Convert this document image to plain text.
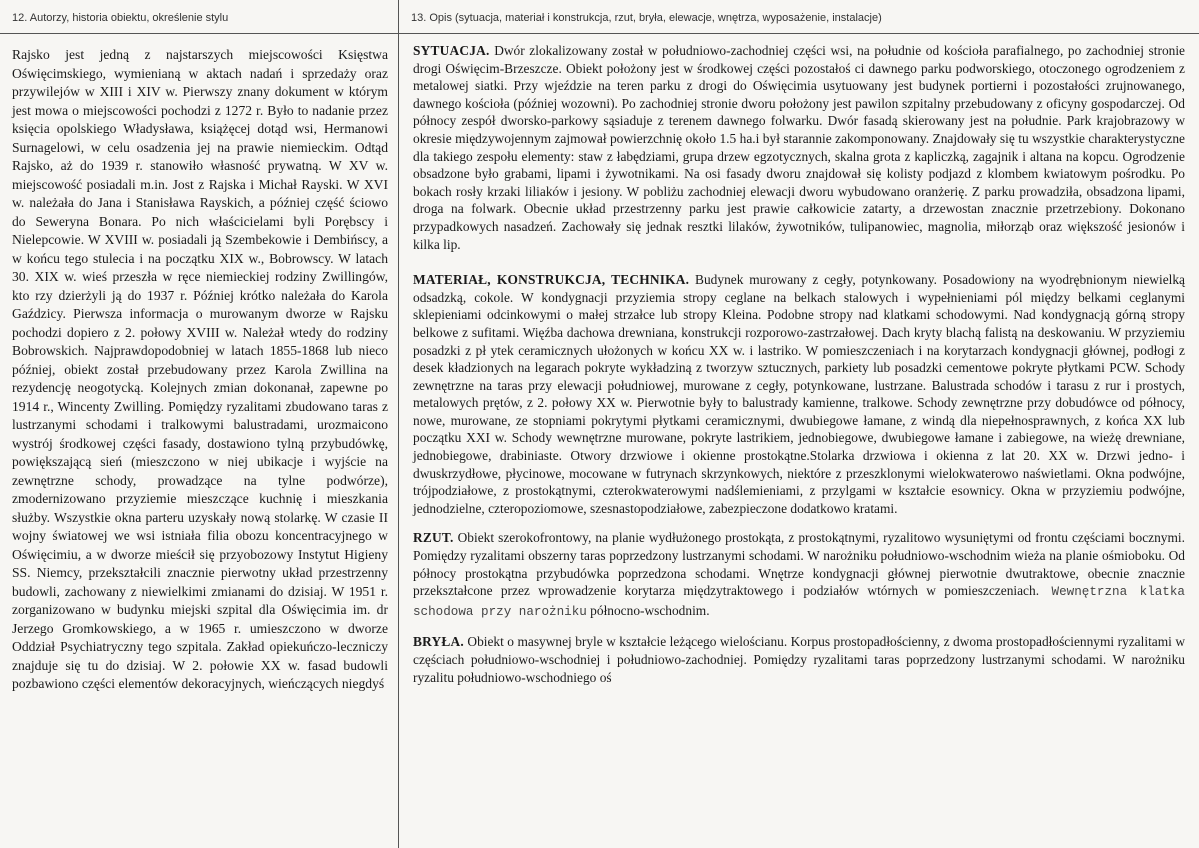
12. Autorzy, historia obiektu, określenie stylu
Rajsko jest jedną z najstarszych miejscowości Księstwa Oświęcimskiego, wymienianą w aktach nadań i sprzedaży oraz przywilejów w XIII i XIV w. Pierwszy znany dokument w którym jest mowa o miejscowości pochodzi z 1272 r. Było to nadanie przez księcia opolskiego Władysława, książęcej dotąd wsi, Hermanowi Surnagelowi, w celu osadzenia jej na prawie niemieckim. Odtąd Rajsko, aż do 1939 r. stanowiło własność prywatną. W XV w. miejscowość posiadali m.in. Jost z Rajska i Michał Rayski. W XVI w. należała do Jana i Stanisława Rayskich, a później część ściowo do Seweryna Bonara. Po nich właścicielami byli Porębscy i Nielepcowie. W XVIII w. posiadali ją Szembekowie i Dembińscy, a w końcu tego stulecia i na początku XIX w., Bobrowscy. W latach 30. XIX w. wieś przeszła w ręce niemieckiej rodziny Zwillingów, kto rzy dzierżyli ją do 1937 r. Później krótko należała do Karola Gaździcy. Pierwsza informacja o murowanym dworze w Rajsku pochodzi dopiero z 2. połowy XVIII w. Należał wtedy do rodziny Bobrowskich. Najprawdopodobniej w latach 1855-1868 lub nieco później, obiekt został przebudowany przez Karola Zwillina na rezydencję neogotycką. Kolejnych zmian dokonanał, zapewne po 1914 r., Wincenty Zwilling. Pomiędzy ryzalitami zbudowano taras z lustrzanymi schodami i tralkowymi balustradami, urozmaicono wystrój środkowej części fasady, dostawiono tylną przybudówkę, powiększającą sień (mieszczono w niej ubikacje i wyjście na zewnętrzne schody, prowadzące na tylne podwórze), zmodernizowano przyziemie mieszczące kuchnię i mieszkania służby. Wszystkie okna parteru uzyskały nową stolarkę. W czasie II wojny światowej we wsi istniała filia obozu koncentracyjnego w Oświęcimiu, a w dworze mieścił się przyobozowy Instytut Higieny SS. Niemcy, przekształcili znacznie pierwotny układ przestrzenny budowli, zachowany z niewielkimi zmianami do dzisiaj. W 1951 r. zorganizowano w budynku miejski szpital dla Oświęcimia im. dr Jerzego Gromkowskiego, a w 1965 r. umieszczono w dworze Oddział Psychiatryczny tego szpitala. Zakład opiekuńczo-leczniczy znajduje się tu do dzisiaj. W 2. połowie XX w. fasad budowli pozbawiono części elementów dekoracyjnych, wieńczących niegdyś
13. Opis (sytuacja, materiał i konstrukcja, rzut, bryła, elewacje, wnętrza, wyposażenie, instalacje)

SYTUACJA. Dwór zlokalizowany został w południowo-zachodniej części wsi, na południe od kościoła parafialnego, po zachodniej stronie drogi Oświęcim-Brzeszcze. Obiekt położony jest w środkowej części pozostałoś ci dawnego parku podworskiego, otoczonego ogrodzeniem z metalowej siatki. Przy wjeździe na teren parku z drogi do Oświęcimia usytuowany jest budynek portierni i pozostałości zrujnowanego, dawnego kościoła (później wozowni). Po zachodniej stronie dworu położony jest pawilon szpitalny przebudowany z oficyny gospodarczej. Od północy zespół dworsko-parkowy sąsiaduje z terenem dawnego folwarku. Dwór fasadą skierowany jest na południe. Park krajobrazowy w okresie międzywojennym zajmował powierzchnię około 1.5 ha.i był starannie zakomponowany. Znajdowały się tu wszystkie charakterystyczne dla takiego zespołu elementy: staw z łabędziami, grupa drzew egzotycznych, skalna grota z kapliczką, zagajnik i altana na kopcu. Ogrodzenie obsadzone było grabami, lipami i żywotnikami. Na osi fasady dworu znajdował się kolisty podjazd z klombem kwiatowym pośrodku. Po bokach rosły krzaki liliaków i jesiony. W pobliżu zachodniej elewacji dworu wybudowano oranżerię. Z parku prowadziła, obsadzona lipami, droga na folwark. Obecnie układ przestrzenny parku jest prawie całkowicie zatarty, a drzewostan znacznie przetrzebiony. Dokonano przypadkowych nasadzeń. Zachowały się jednak resztki lilaków, żywotników, tulipanowiec, magnolia, miłorząb oraz większość jesionów i kilka lip.

MATERIAŁ, KONSTRUKCJA, TECHNIKA. Budynek murowany z cegły, potynkowany. Posadowiony na wyodrębnionym niewielką odsadzką, cokole. W kondygnacji przyziemia stropy ceglane na belkach stalowych i wypełnieniami pól między belkami ceglanymi sklepieniami odcinkowymi o małej strzałce lub stropy Kleina. Podobne stropy nad klatkami schodowymi. Nad kondygnacją górną stropy belkowe z sufitami. Więźba dachowa drewniana, konstrukcji rozporowo-zastrzałowej. Dach kryty blachą falistą na deskowaniu. W przyziemiu posadzki z pł ytek ceramicznych ułożonych w końcu XX w. i lastriko. W pomieszczeniach i na korytarzach kondygnacji głównej, podłogi z desek kładzionych na legarach pokryte wykładziną z tworzyw sztucznych, parkiety lub posadzki cementowe pokryte płytkami PCW. Schody zewnętrzne na taras przy elewacji południowej, murowane z cegły, potynkowane, lustrzane. Balustrada schodów i tarasu z rur i prostych, metalowych prętów, z 2. połowy XX w. Pierwotnie były to balustrady kamienne, tralkowe. Schody zewnętrzne przy dobudówce od północy, nowe, murowane, ze stopniami pokrytymi płytkami ceramicznymi, dwubiegowe łamane, z windą dla niepełnosprawnych, z końca XX lub początku XXI w. Schody wewnętrzne murowane, pokryte lastrikiem, jednobiegowe, dwubiegowe łamane i zabiegowe, na wieżę drewniane, jednobiegowe, drabiniaste. Otwory drzwiowe i okienne prostokątne.Stolarka drzwiowa i okienna z lat 20. XX w. Drzwi jedno- i dwuskrzydłowe, płycinowe, mocowane w futrynach skrzynkowych, niektóre z przeszklonymi wielokwaterowo naświetlami. Okna podwójne, trójpodziałowe, z prostokątnymi, czterokwaterowymi nadślemieniami, z przylgami w kształcie esownicy. Okna w przyziemiu podwójne, jednodzielne, czteropoziomowe, szesnastopodziałowe, zabezpieczone dodatkowo kratami.

RZUT. Obiekt szerokofrontowy, na planie wydłużonego prostokąta, z prostokątnymi, ryzalitowo wysuniętymi od frontu częściami bocznymi. Pomiędzy ryzalitami obszerny taras poprzedzony lustrzanymi schodami. W narożniku południowo-wschodnim wieża na planie ośmioboku. Od północy prostokątna przybudówka poprzedzona schodami. Wnętrze kondygnacji głównej pierwotnie dwutraktowe, obecnie znacznie przekształcone przez wprowadzenie korytarza międzytraktowego i podziałów wtórnych w pomieszczeniach. Wewnętrzna klatka schodowa przy narożniku północno-wschodnim.

BRYŁA. Obiekt o masywnej bryle w kształcie leżącego wielościanu. Korpus prostopadłościenny, z dwoma prostopadłościennymi ryzalitami w częściach południowo-wschodniej i południowo-zachodniej. Pomiędzy ryzalitami taras poprzedzony lustrzanymi schodami. W narożniku ryzalitu południowo-wschodniego oś
